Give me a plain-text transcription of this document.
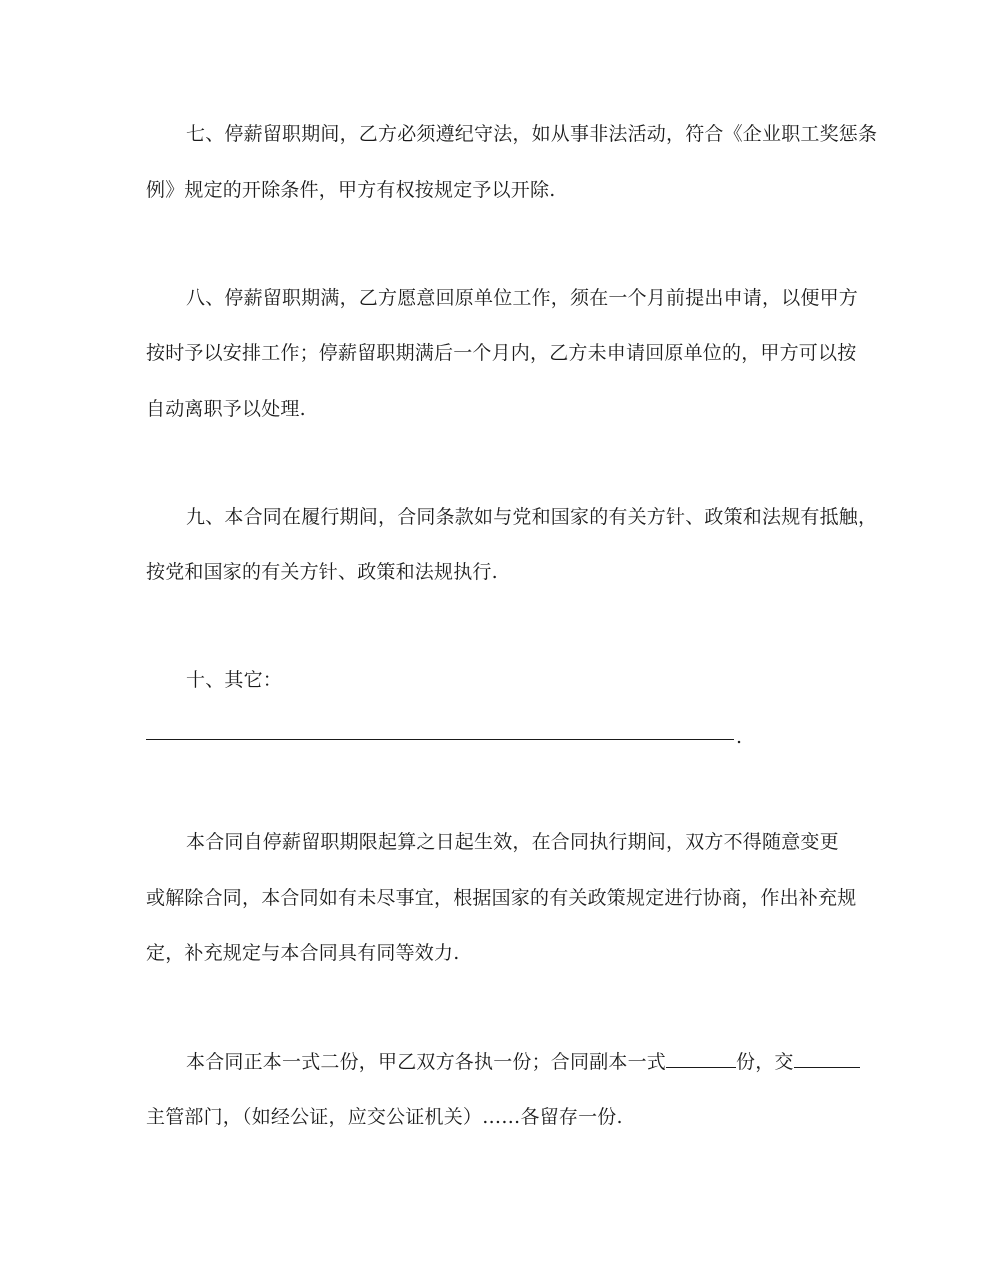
七、停薪留职期间，乙方必须遵纪守法，如从事非法活动，符合《企业职工奖惩条
例》规定的开除条件，甲方有权按规定予以开除.
八、停薪留职期满，乙方愿意回原单位工作，须在一个月前提出申请，以便甲方
按时予以安排工作；停薪留职期满后一个月内，乙方未申请回原单位的，甲方可以按
自动离职予以处理.
九、本合同在履行期间，合同条款如与党和国家的有关方针、政策和法规有抵触，
按党和国家的有关方针、政策和法规执行.
十、其它：
.
本合同自停薪留职期限起算之日起生效，在合同执行期间，双方不得随意变更
或解除合同，本合同如有未尽事宜，根据国家的有关政策规定进行协商，作出补充规
定，补充规定与本合同具有同等效力.
本合同正本一式二份，甲乙双方各执一份；合同副本一式	份，交
主管部门，（如经公证，应交公证机关）……各留存一份.
